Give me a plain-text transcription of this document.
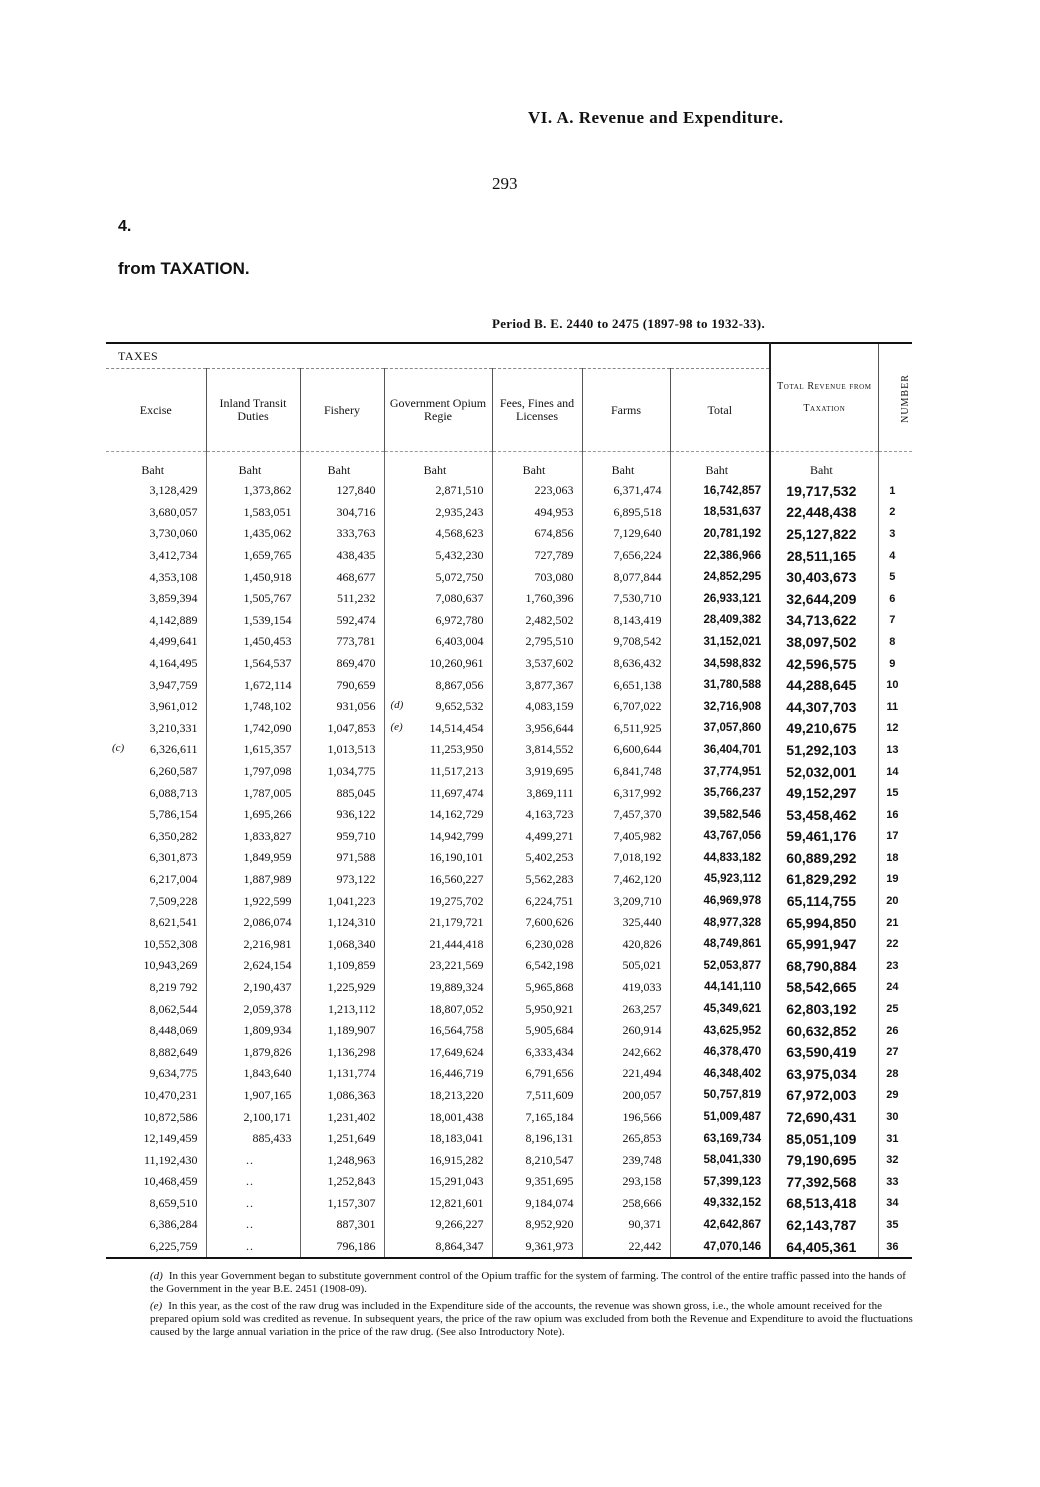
VI. A. Revenue and Expenditure.
293
4.
from TAXATION.
Period B. E. 2440 to 2475 (1897-98 to 1932-33).
TAXES							Total Revenue from Taxation	NUMBER
Excise	Inland Transit Duties	Fishery	Government Opium Regie	Fees, Fines and Licenses	Farms	Total		
Baht	Baht	Baht	Baht	Baht	Baht	Baht	Baht	
3,128,429	1,373,862	127,840	2,871,510	223,063	6,371,474	16,742,857	19,717,532	1
3,680,057	1,583,051	304,716	2,935,243	494,953	6,895,518	18,531,637	22,448,438	2
3,730,060	1,435,062	333,763	4,568,623	674,856	7,129,640	20,781,192	25,127,822	3
3,412,734	1,659,765	438,435	5,432,230	727,789	7,656,224	22,386,966	28,511,165	4
4,353,108	1,450,918	468,677	5,072,750	703,080	8,077,844	24,852,295	30,403,673	5
3,859,394	1,505,767	511,232	7,080,637	1,760,396	7,530,710	26,933,121	32,644,209	6
4,142,889	1,539,154	592,474	6,972,780	2,482,502	8,143,419	28,409,382	34,713,622	7
4,499,641	1,450,453	773,781	6,403,004	2,795,510	9,708,542	31,152,021	38,097,502	8
4,164,495	1,564,537	869,470	10,260,961	3,537,602	8,636,432	34,598,832	42,596,575	9
3,947,759	1,672,114	790,659	8,867,056	3,877,367	6,651,138	31,780,588	44,288,645	10
3,961,012	1,748,102	931,056	(d) 9,652,532	4,083,159	6,707,022	32,716,908	44,307,703	11
3,210,331	1,742,090	1,047,853	(e) 14,514,454	3,956,644	6,511,925	37,057,860	49,210,675	12

(c) 6,326,611	1,615,357	1,013,513	11,253,950	3,814,552	6,600,644	36,404,701	51,292,103	13
6,260,587	1,797,098	1,034,775	11,517,213	3,919,695	6,841,748	37,774,951	52,032,001	14
6,088,713	1,787,005	885,045	11,697,474	3,869,111	6,317,992	35,766,237	49,152,297	15
5,786,154	1,695,266	936,122	14,162,729	4,163,723	7,457,370	39,582,546	53,458,462	16
6,350,282	1,833,827	959,710	14,942,799	4,499,271	7,405,982	43,767,056	59,461,176	17
6,301,873	1,849,959	971,588	16,190,101	5,402,253	7,018,192	44,833,182	60,889,292	18
6,217,004	1,887,989	973,122	16,560,227	5,562,283	7,462,120	45,923,112	61,829,292	19
7,509,228	1,922,599	1,041,223	19,275,702	6,224,751	3,209,710	46,969,978	65,114,755	20
8,621,541	2,086,074	1,124,310	21,179,721	7,600,626	325,440	48,977,328	65,994,850	21
10,552,308	2,216,981	1,068,340	21,444,418	6,230,028	420,826	48,749,861	65,991,947	22
10,943,269	2,624,154	1,109,859	23,221,569	6,542,198	505,021	52,053,877	68,790,884	23
8,219 792	2,190,437	1,225,929	19,889,324	5,965,868	419,033	44,141,110	58,542,665	24
8,062,544	2,059,378	1,213,112	18,807,052	5,950,921	263,257	45,349,621	62,803,192	25
8,448,069	1,809,934	1,189,907	16,564,758	5,905,684	260,914	43,625,952	60,632,852	26
8,882,649	1,879,826	1,136,298	17,649,624	6,333,434	242,662	46,378,470	63,590,419	27
9,634,775	1,843,640	1,131,774	16,446,719	6,791,656	221,494	46,348,402	63,975,034	28
10,470,231	1,907,165	1,086,363	18,213,220	7,511,609	200,057	50,757,819	67,972,003	29
10,872,586	2,100,171	1,231,402	18,001,438	7,165,184	196,566	51,009,487	72,690,431	30
12,149,459	885,433	1,251,649	18,183,041	8,196,131	265,853	63,169,734	85,051,109	31
11,192,430	..	1,248,963	16,915,282	8,210,547	239,748	58,041,330	79,190,695	32
10,468,459	..	1,252,843	15,291,043	9,351,695	293,158	57,399,123	77,392,568	33
8,659,510	..	1,157,307	12,821,601	9,184,074	258,666	49,332,152	68,513,418	34
6,386,284	..	887,301	9,266,227	8,952,920	90,371	42,642,867	62,143,787	35
6,225,759	..	796,186	8,864,347	9,361,973	22,442	47,070,146	64,405,361	36
(d) In this year Government began to substitute government control of the Opium traffic for the system of farming. The control of the entire traffic passed into the hands of the Government in the year B.E. 2451 (1908-09).
(e) In this year, as the cost of the raw drug was included in the Expenditure side of the accounts, the revenue was shown gross, i.e., the whole amount received for the prepared opium sold was credited as revenue. In subsequent years, the price of the raw opium was excluded from both the Revenue and Expenditure to avoid the fluctuations caused by the large annual variation in the price of the raw drug. (See also Introductory Note).
